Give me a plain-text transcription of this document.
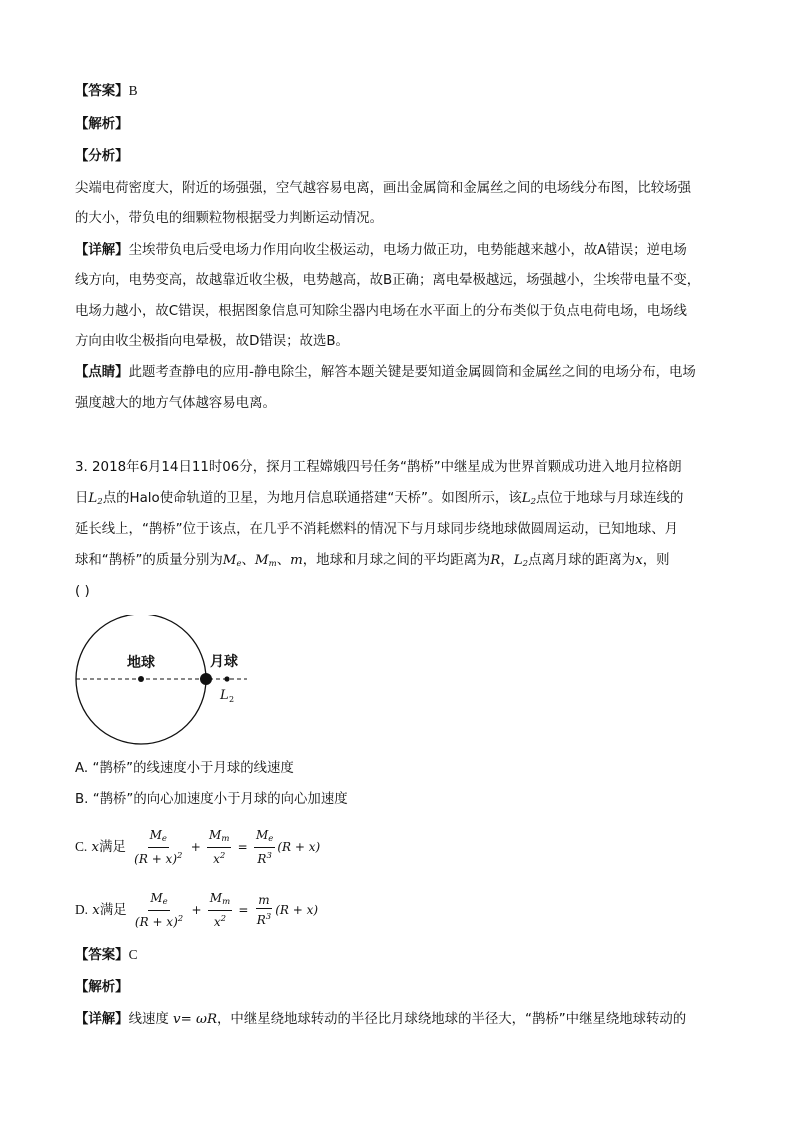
【答案】B
【解析】
【分析】
尖端电荷密度大，附近的场强强，空气越容易电离，画出金属筒和金属丝之间的电场线分布图，比较场强
的大小，带负电的细颗粒物根据受力判断运动情况。
【详解】尘埃带负电后受电场力作用向收尘极运动，电场力做正功，电势能越来越小，故A错误；逆电场
线方向，电势变高，故越靠近收尘极，电势越高，故B正确；离电晕极越远，场强越小，尘埃带电量不变，
电场力越小，故C错误，根据图象信息可知除尘器内电场在水平面上的分布类似于负点电荷电场，电场线
方向由收尘极指向电晕极，故D错误；故选B。
【点睛】此题考查静电的应用-静电除尘，解答本题关键是要知道金属圆筒和金属丝之间的电场分布，电场
强度越大的地方气体越容易电离。
3. 2018年6月14日11时06分，探月工程嫦娥四号任务“鹊桥”中继星成为世界首颗成功进入地月拉格朗
日$L_2$点的Halo使命轨道的卫星，为地月信息联通搭建“天桥”。如图所示，该$L_2$点位于地球与月球连线的
延长线上，“鹊桥”位于该点，在几乎不消耗燃料的情况下与月球同步绕地球做圆周运动，已知地球、月
球和“鹊桥”的质量分别为$M_e$、$M_m$、m，地球和月球之间的平均距离为R，$L_2$点离月球的距离为x，则
( )
地球	月球
L 2
A. “鹊桥”的线速度小于月球的线速度
B. “鹊桥”的向心加速度小于月球的向心加速度
C. x满足 $\frac{M_e}{(R + x)^2} + \frac{M_m}{x^2} = \frac{M_e}{R^3} (R + x)$
D. x满足 $\frac{M_e}{(R + x)^2} + \frac{M_m}{x^2} = \frac{m}{R^3} (R + x)$
【答案】C
【解析】
【详解】线速度 v= ωR，中继星绕地球转动的半径比月球绕地球的半径大，“鹊桥”中继星绕地球转动的
